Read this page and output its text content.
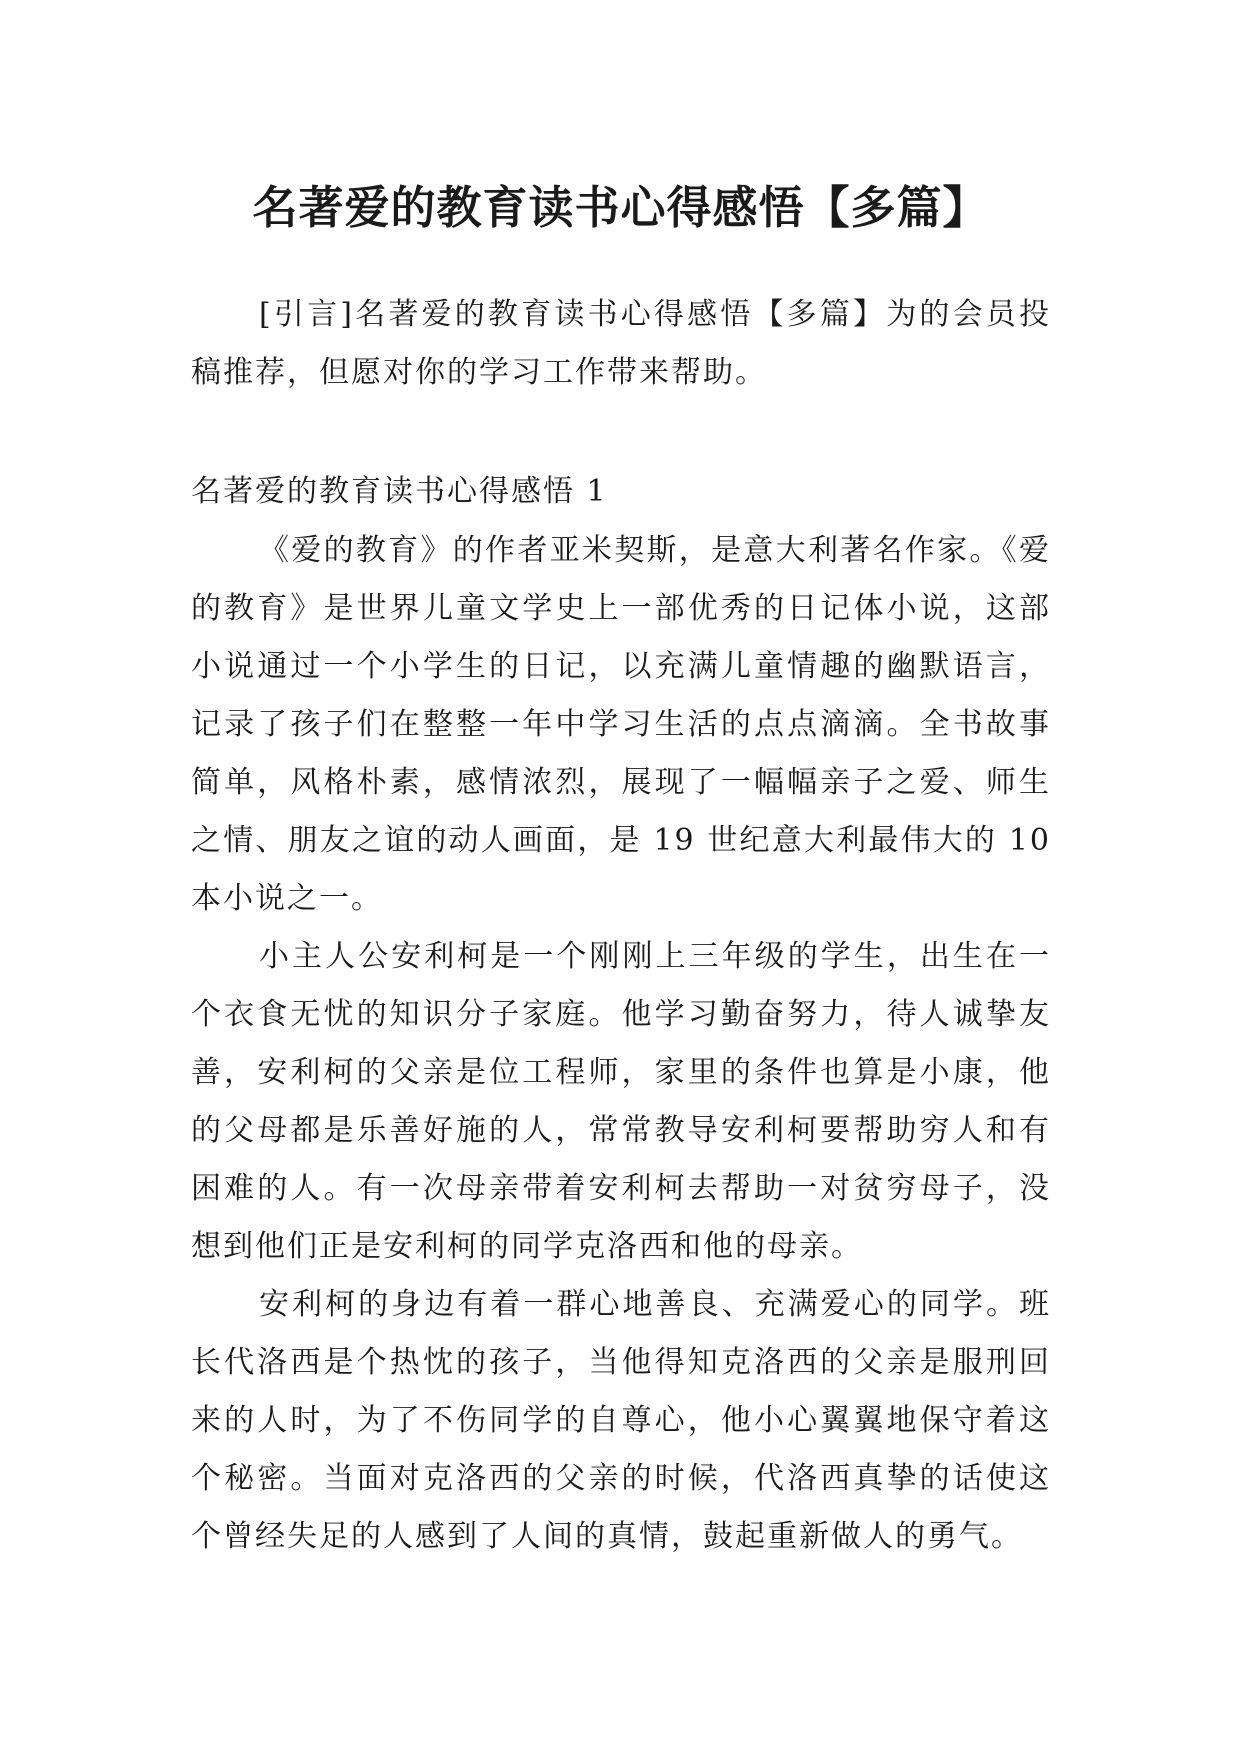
名著爱的教育读书心得感悟【多篇】

[引言]名著爱的教育读书心得感悟【多篇】为的会员投稿推荐，但愿对你的学习工作带来帮助。

名著爱的教育读书心得感悟 1

《爱的教育》的作者亚米契斯，是意大利著名作家。《爱的教育》是世界儿童文学史上一部优秀的日记体小说，这部小说通过一个小学生的日记，以充满儿童情趣的幽默语言，记录了孩子们在整整一年中学习生活的点点滴滴。全书故事简单，风格朴素，感情浓烈，展现了一幅幅亲子之爱、师生之情、朋友之谊的动人画面，是 19 世纪意大利最伟大的 10 本小说之一。

小主人公安利柯是一个刚刚上三年级的学生，出生在一个衣食无忧的知识分子家庭。他学习勤奋努力，待人诚挚友善，安利柯的父亲是位工程师，家里的条件也算是小康，他的父母都是乐善好施的人，常常教导安利柯要帮助穷人和有困难的人。有一次母亲带着安利柯去帮助一对贫穷母子，没想到他们正是安利柯的同学克洛西和他的母亲。

安利柯的身边有着一群心地善良、充满爱心的同学。班长代洛西是个热忱的孩子，当他得知克洛西的父亲是服刑回来的人时，为了不伤同学的自尊心，他小心翼翼地保守着这个秘密。当面对克洛西的父亲的时候，代洛西真挚的话使这个曾经失足的人感到了人间的真情，鼓起重新做人的勇气。
